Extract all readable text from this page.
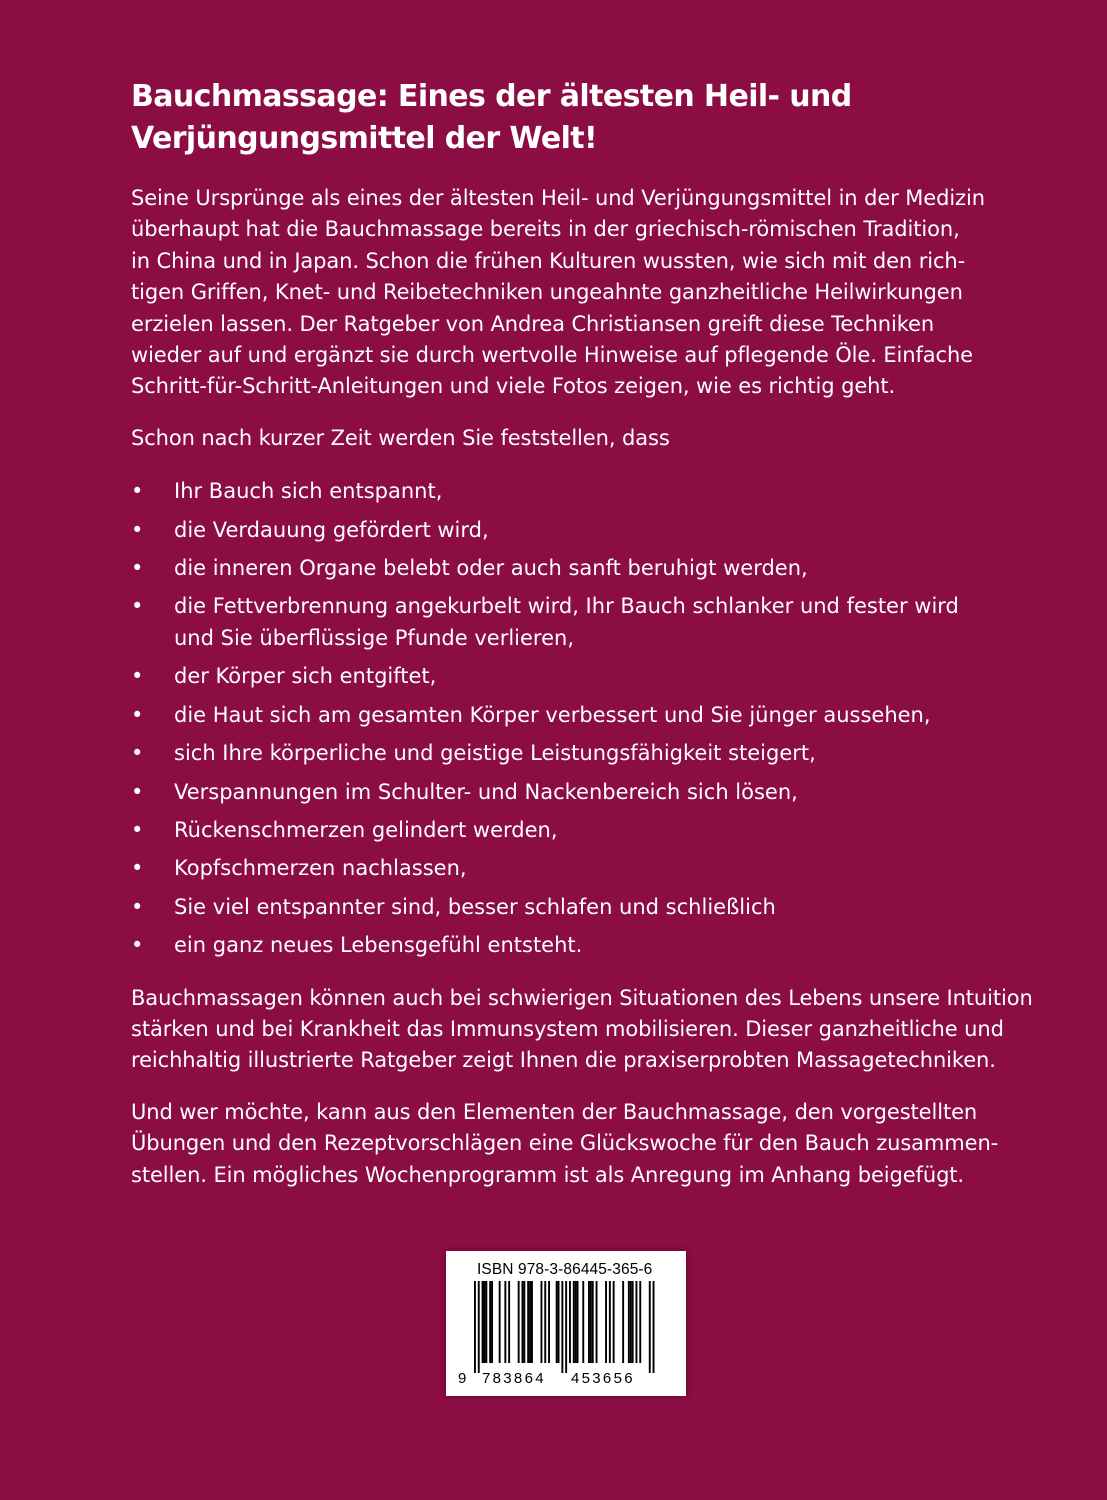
Bauchmassage: Eines der ältesten Heil- und
Verjüngungsmittel der Welt!

Seine Ursprünge als eines der ältesten Heil- und Verjüngungsmittel in der Medizin
überhaupt hat die Bauchmassage bereits in der griechisch-römischen Tradition,
in China und in Japan. Schon die frühen Kulturen wussten, wie sich mit den rich-
tigen Griffen, Knet- und Reibetechniken ungeahnte ganzheitliche Heilwirkungen
erzielen lassen. Der Ratgeber von Andrea Christiansen greift diese Techniken
wieder auf und ergänzt sie durch wertvolle Hinweise auf pflegende Öle. Einfache
Schritt-für-Schritt-Anleitungen und viele Fotos zeigen, wie es richtig geht.

Schon nach kurzer Zeit werden Sie feststellen, dass

• Ihr Bauch sich entspannt,
• die Verdauung gefördert wird,
• die inneren Organe belebt oder auch sanft beruhigt werden,
• die Fettverbrennung angekurbelt wird, Ihr Bauch schlanker und fester wird
und Sie überflüssige Pfunde verlieren,
• der Körper sich entgiftet,
• die Haut sich am gesamten Körper verbessert und Sie jünger aussehen,
• sich Ihre körperliche und geistige Leistungsfähigkeit steigert,
• Verspannungen im Schulter- und Nackenbereich sich lösen,
• Rückenschmerzen gelindert werden,
• Kopfschmerzen nachlassen,
• Sie viel entspannter sind, besser schlafen und schließlich
• ein ganz neues Lebensgefühl entsteht.

Bauchmassagen können auch bei schwierigen Situationen des Lebens unsere Intuition
stärken und bei Krankheit das Immunsystem mobilisieren. Dieser ganzheitliche und
reichhaltig illustrierte Ratgeber zeigt Ihnen die praxiserprobten Massagetechniken.

Und wer möchte, kann aus den Elementen der Bauchmassage, den vorgestellten
Übungen und den Rezeptvorschlägen eine Glückswoche für den Bauch zusammen-
stellen. Ein mögliches Wochenprogramm ist als Anregung im Anhang beigefügt.

ISBN 978-3-86445-365-6
9 783864 453656
